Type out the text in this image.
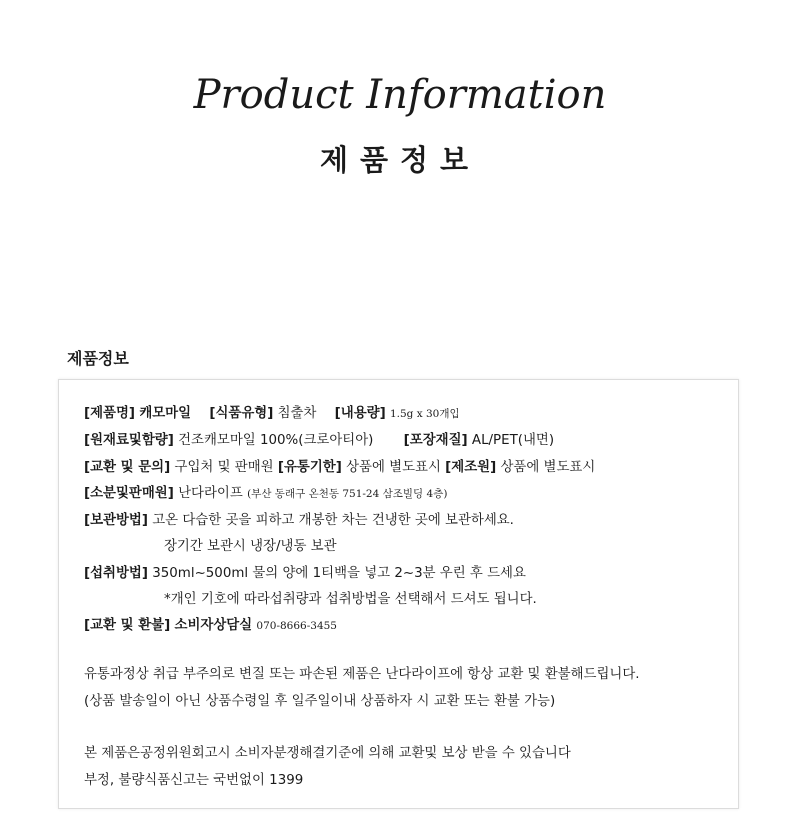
Product Information
제품정보
제품정보
[제품명] 캐모마일 [식품유형] 침출차 [내용량] 1.5g x 30개입
[원재료및함량] 건조캐모마일 100%(크로아티아) [포장재질] AL/PET(내면)
[교환 및 문의] 구입처 및 판매원 [유통기한] 상품에 별도표시 [제조원] 상품에 별도표시
[소분및판매원] 난다라이프 (부산 동래구 온천동 751-24 삼조빌딩 4층)
[보관방법] 고온 다습한 곳을 피하고 개봉한 차는 건냉한 곳에 보관하세요.
장기간 보관시 냉장/냉동 보관
[섭취방법] 350ml~500ml 물의 양에 1티백을 넣고 2~3분 우린 후 드세요
*개인 기호에 따라섭취량과 섭취방법을 선택해서 드셔도 됩니다.
[교환 및 환불] 소비자상담실 070-8666-3455
유통과정상 취급 부주의로 변질 또는 파손된 제품은 난다라이프에 항상 교환 및 환불해드립니다.
(상품 발송일이 아닌 상품수령일 후 일주일이내 상품하자 시 교환 또는 환불 가능)
본 제품은공정위원회고시 소비자분쟁해결기준에 의해 교환및 보상 받을 수 있습니다
부정, 불량식품신고는 국번없이 1399
